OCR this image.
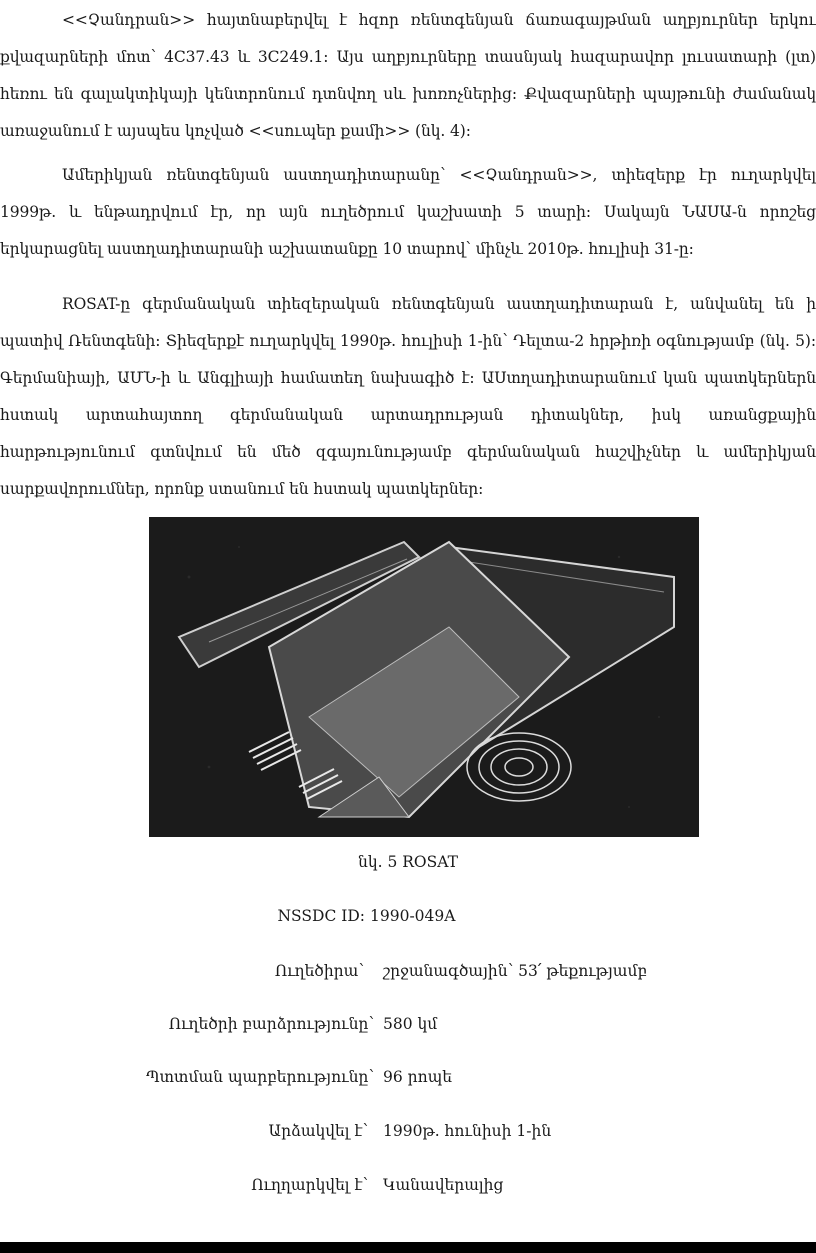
<<Չանդրան>> հայտնաբերվել է հզոր ռենտգենյան ճառագայթման աղբյուրներ երկու քվազարների մոտ՝ 4C37.43 և 3C249.1: Այս աղբյուրները տասնյակ հազարավոր լուսատարի (լտ) հեռու են գալակտիկայի կենտրոնում դտնվող սև խոռոչներից: Քվազարների պայթունի ժամանակ առաջանում է այսպես կոչված <<սուպեր քամի>> (նկ. 4):

Ամերիկյան ռենտգենյան աստղադիտարանը՝ <<Չանդրան>>, տիեզերք էր ուղարկվել 1999թ. և ենթադրվում էր, որ այն ուղեծրում կաշխատի 5 տարի: Սակայն ՆԱՍԱ-ն որոշեց երկարացնել աստղադիտարանի աշխատանքը 10 տարով՝ մինչև 2010թ. հուլիսի 31-ը:

ROSAT-ը գերմանական տիեզերական ռենտգենյան աստղադիտարան է, անվանել են ի պատիվ Ռենտգենի: Տիեզերքէ ուղարկվել 1990թ. հուլիսի 1-ին՝ Դելտա-2 հրթիռի օգնությամբ (նկ. 5): Գերմանիայի, ԱՄՆ-ի և Անգլիայի համատեղ նախագիծ է: ԱՍտղադիտարանում կան պատկերներն հստակ արտահայտող գերմանական արտադրության դիտակներ, իսկ առանցքային հարթությունում գտնվում են մեծ զգայունությամբ գերմանական հաշվիչներ և ամերիկյան սարքավորումներ, որոնք ստանում են հստակ պատկերներ:

նկ. 5 ROSAT
NSSDC ID: 1990-049A
Ուղեծիրա՝ շրջանագծային՝ 53՛ թեքությամբ
Ուղեծրի բարձրությունը՝ 580 կմ
Պտտման պարբերությունը՝ 96 րոպե
Արձակվել է՝ 1990թ. հունիսի 1-ին
Ուղղարկվել է՝ Կանավերալից
